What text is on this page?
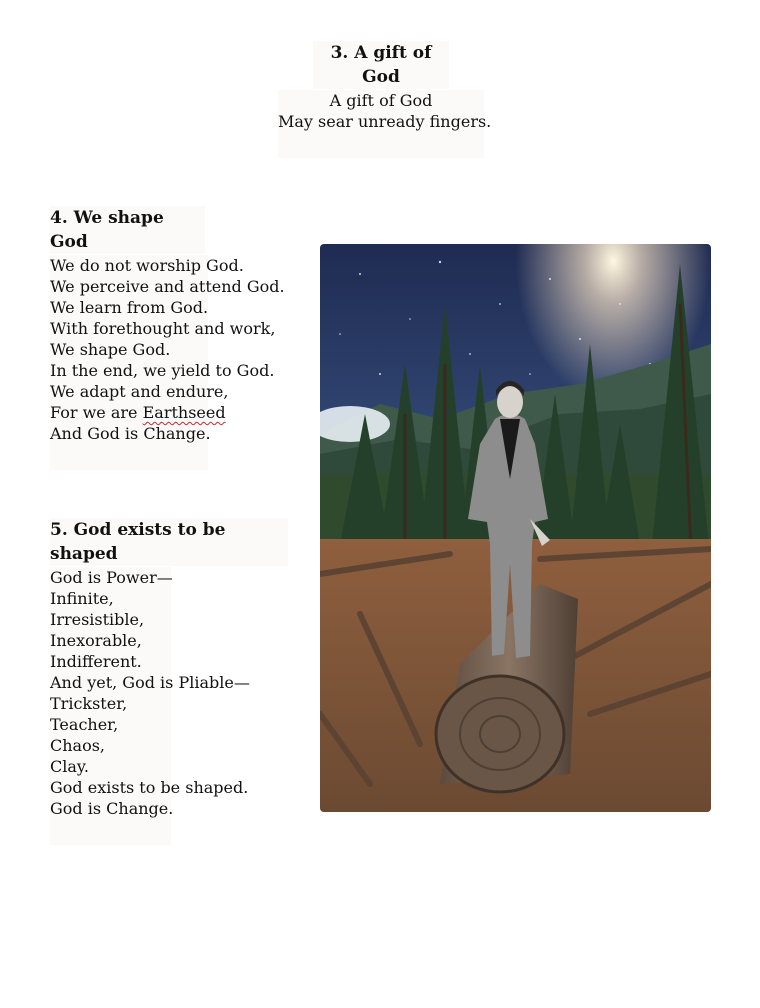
3. A gift of God
A gift of God
May sear unready fingers.
4. We shape God
We do not worship God.
We perceive and attend God.
We learn from God.
With forethought and work,
We shape God.
In the end, we yield to God.
We adapt and endure,
For we are Earthseed
And God is Change.
5. God exists to be shaped
God is Power—
Infinite,
Irresistible,
Inexorable,
Indifferent.
And yet, God is Pliable—
Trickster,
Teacher,
Chaos,
Clay.
God exists to be shaped.
God is Change.
